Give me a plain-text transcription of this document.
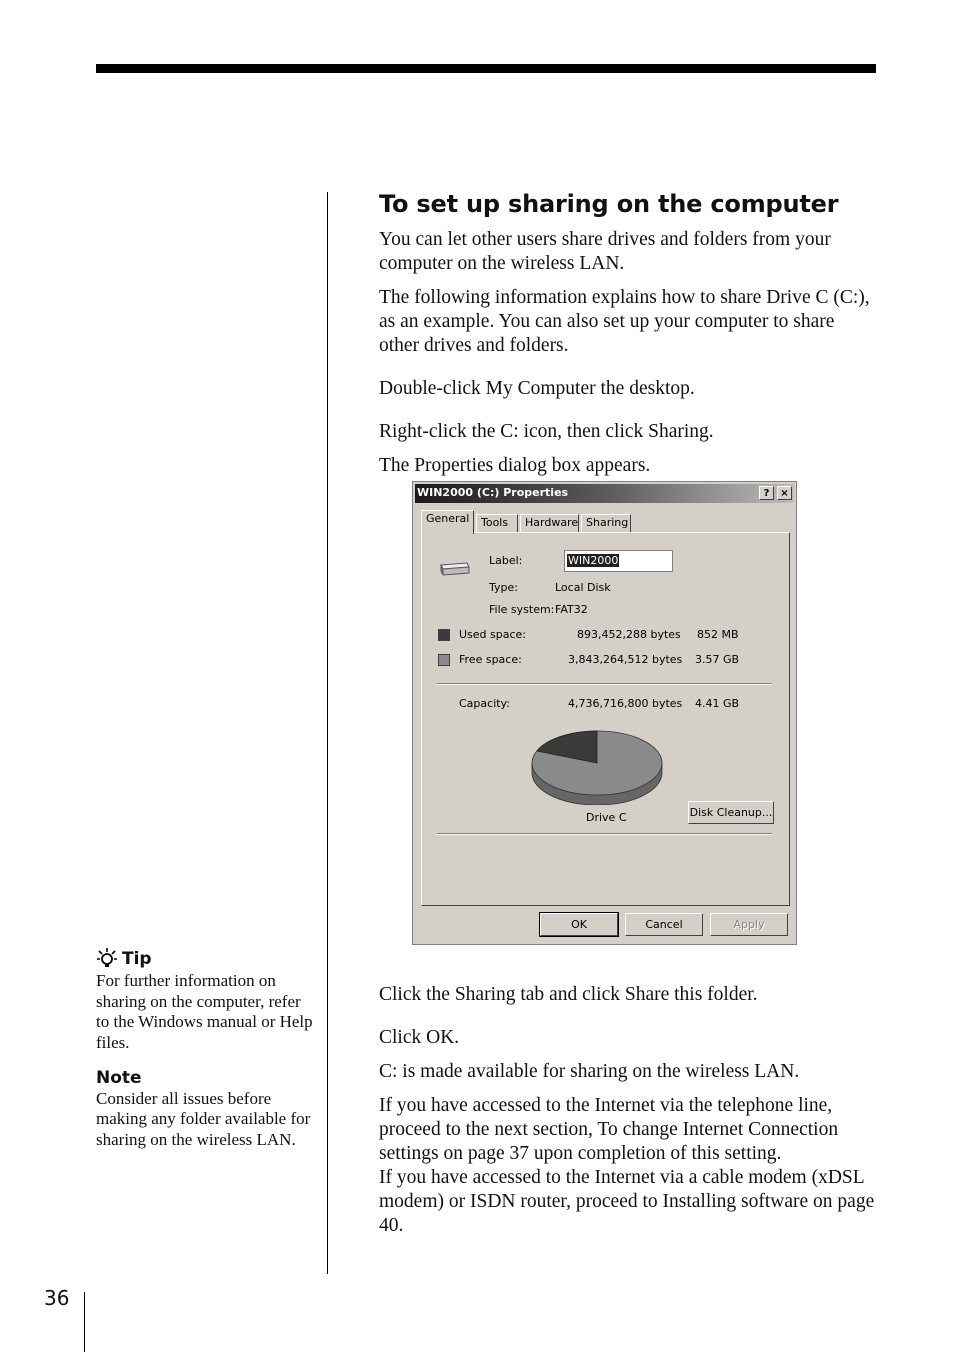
36
To set up sharing on the computer

You can let other users share drives and folders from your computer on the wireless LAN.

The following information explains how to share Drive C (C:), as an example. You can also set up your computer to share other drives and folders.

Double-click My Computer the desktop.

Right-click the C: icon, then click Sharing.

The Properties dialog box appears.

Click the Sharing tab and click Share this folder.

Click OK.

C: is made available for sharing on the wireless LAN.

If you have accessed to the Internet via the telephone line, proceed to the next section, To change Internet Connection settings on page 37 upon completion of this setting.

If you have accessed to the Internet via a cable modem (xDSL modem) or ISDN router, proceed to Installing software on page 40.

Tip

For further information on sharing on the computer, refer to the Windows manual or Help files.

Note

Consider all issues before making any folder available for sharing on the wireless LAN.

WIN2000 (C:) Properties	?	×
General	Tools	Hardware Sharing
Label:	WIN2000
Type:	Local Disk
File system: FAT32
Used space:	893,452,288 bytes 852 MB
Free space:	3,843,264,512 bytes 3.57 GB
Capacity:	4,736,716,800 bytes 4.41 GB
Drive C	Disk Cleanup...
OK	Cancel	Apply
